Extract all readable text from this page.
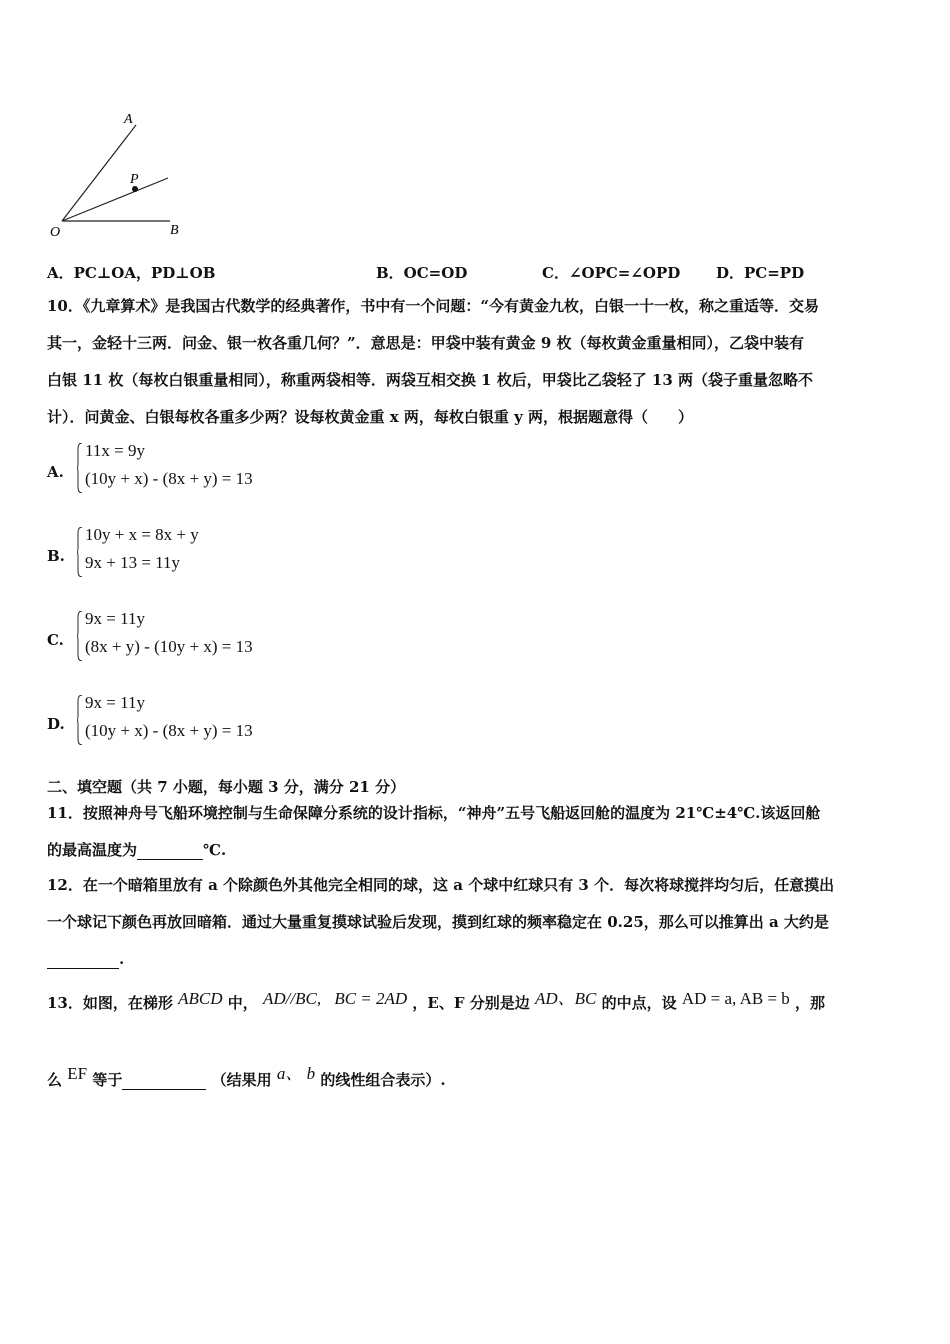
A
P
O	B
A．PC⊥OA，PD⊥OB	B．OC=OD	C．∠OPC=∠OPD D．PC=PD
10．《九章算术》是我国古代数学的经典著作，书中有一个问题：“今有黄金九枚，白银一十一枚，称之重适等．交易
其一，金轻十三两．问金、银一枚各重几何？”．意思是：甲袋中装有黄金 9 枚（每枚黄金重量相同），乙袋中装有
白银 11 枚（每枚白银重量相同），称重两袋相等．两袋互相交换 1 枚后，甲袋比乙袋轻了 13 两（袋子重量忽略不
计）．问黄金、白银每枚各重多少两？设每枚黄金重 x 两，每枚白银重 y 两，根据题意得（　　）
A.
11x = 9y
(10y + x) - (8x + y) = 13
B.
10y + x = 8x + y
9x + 13 = 11y
C.
9x = 11y
(8x + y) - (10y + x) = 13
D.
9x = 11y
(10y + x) - (8x + y) = 13
二、填空题（共 7 小题，每小题 3 分，满分 21 分）
11．按照神舟号飞船环境控制与生命保障分系统的设计指标，“神舟”五号飞船返回舱的温度为 21℃±4℃.该返回舱
的最高温度为	℃.
12．在一个暗箱里放有 a 个除颜色外其他完全相同的球，这 a 个球中红球只有 3 个．每次将球搅拌均匀后，任意摸出
一个球记下颜色再放回暗箱．通过大量重复摸球试验后发现，摸到红球的频率稳定在 0.25，那么可以推算出 a 大约是
.
13．如图，在梯形 ABCD 中， AD//BC, BC = 2AD ，E、F 分别是边 AD、BC 的中点，设 AD = a, AB = b ，那
么 EF 等于	（结果用 a、 b 的线性组合表示）.
